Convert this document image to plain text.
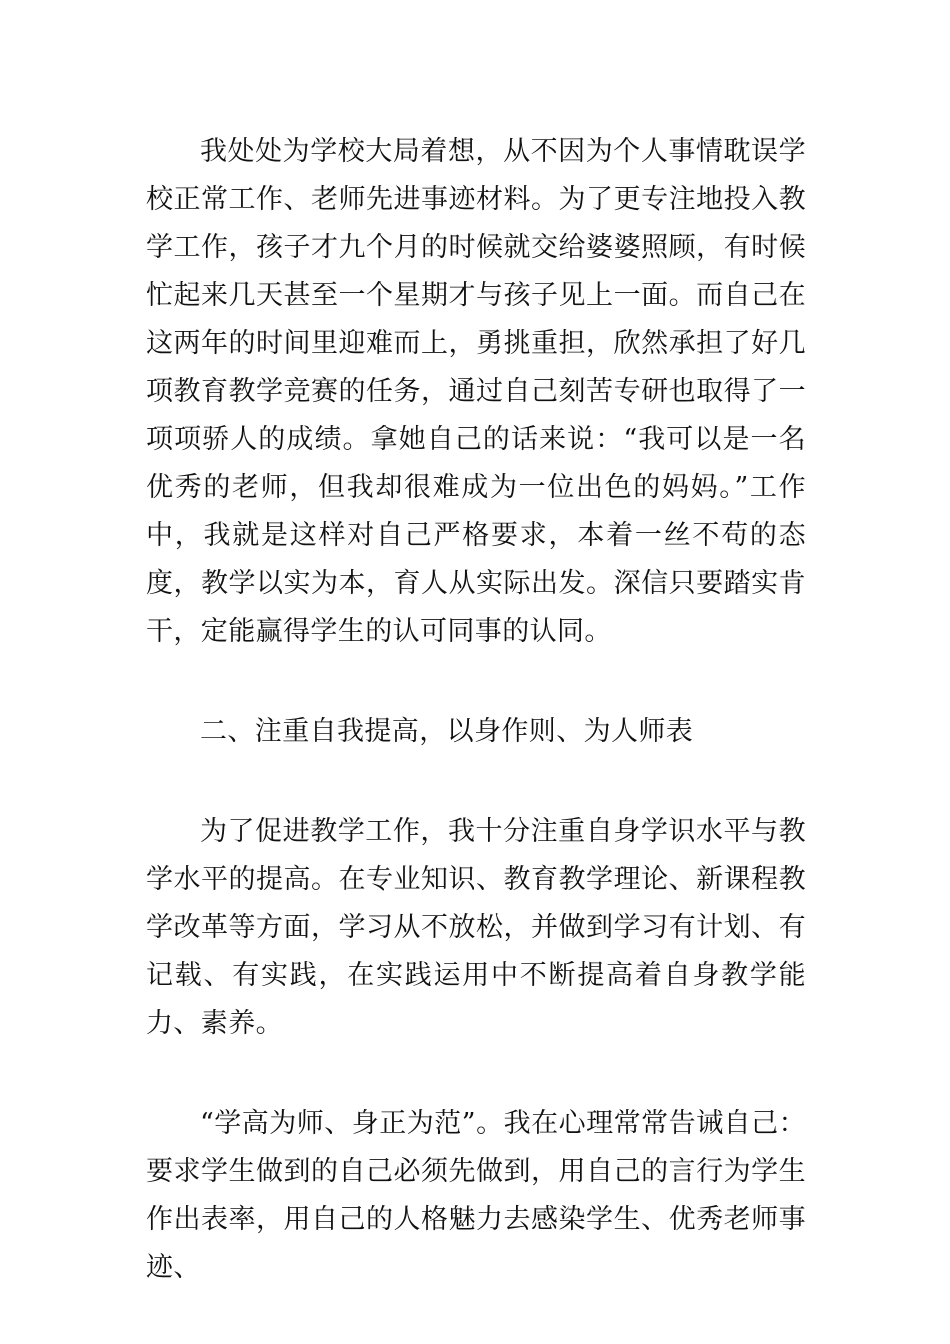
我处处为学校大局着想，从不因为个人事情耽误学校正常工作、老师先进事迹材料。为了更专注地投入教学工作，孩子才九个月的时候就交给婆婆照顾，有时候忙起来几天甚至一个星期才与孩子见上一面。而自己在这两年的时间里迎难而上，勇挑重担，欣然承担了好几项教育教学竞赛的任务，通过自己刻苦专研也取得了一项项骄人的成绩。拿她自己的话来说：“我可以是一名优秀的老师，但我却很难成为一位出色的妈妈。”工作中，我就是这样对自己严格要求，本着一丝不苟的态度，教学以实为本，育人从实际出发。深信只要踏实肯干，定能赢得学生的认可同事的认同。

二、注重自我提高，以身作则、为人师表

为了促进教学工作，我十分注重自身学识水平与教学水平的提高。在专业知识、教育教学理论、新课程教学改革等方面，学习从不放松，并做到学习有计划、有记载、有实践，在实践运用中不断提高着自身教学能力、素养。

“学高为师、身正为范”。我在心理常常告诫自己：要求学生做到的自己必须先做到，用自己的言行为学生作出表率，用自己的人格魅力去感染学生、优秀老师事迹、
